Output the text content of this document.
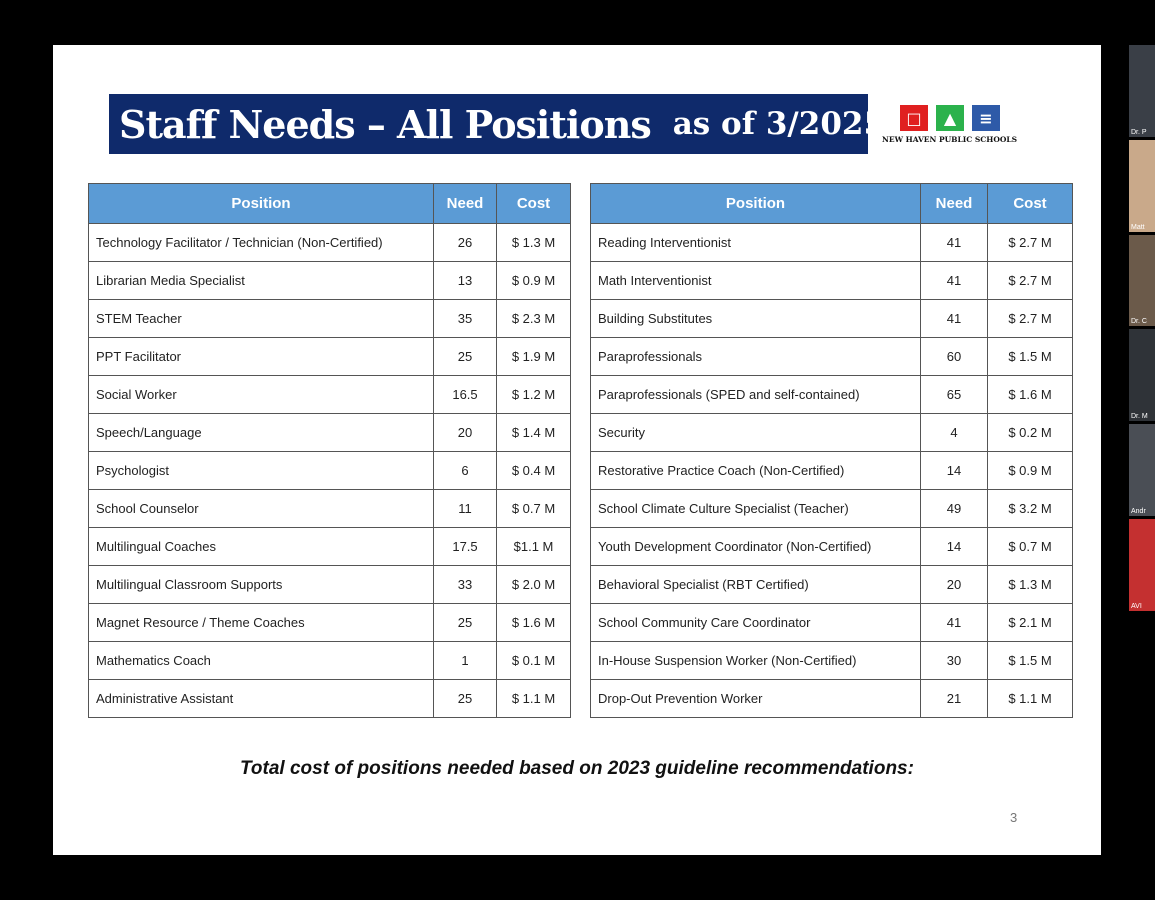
Staff Needs – All Positions as of 3/2025	□	▲	≡
NEW HAVEN PUBLIC SCHOOLS
Position	Need	Cost
Technology Facilitator / Technician (Non-Certified)	26	$ 1.3 M
Librarian Media Specialist	13	$ 0.9 M
STEM Teacher	35	$ 2.3 M
PPT Facilitator	25	$ 1.9 M
Social Worker	16.5	$ 1.2 M
Speech/Language	20	$ 1.4 M
Psychologist	6	$ 0.4 M
School Counselor	11	$ 0.7 M
Multilingual Coaches	17.5	$1.1 M
Multilingual Classroom Supports	33	$ 2.0 M
Magnet Resource / Theme Coaches	25	$ 1.6 M
Mathematics Coach	1	$ 0.1 M
Administrative Assistant	25	$ 1.1 M
Position	Need	Cost
Reading Interventionist	41	$ 2.7 M
Math Interventionist	41	$ 2.7 M
Building Substitutes	41	$ 2.7 M
Paraprofessionals	60	$ 1.5 M
Paraprofessionals (SPED and self-contained)	65	$ 1.6 M
Security	4	$ 0.2 M
Restorative Practice Coach (Non-Certified)	14	$ 0.9 M
School Climate Culture Specialist (Teacher)	49	$ 3.2 M
Youth Development Coordinator (Non-Certified)	14	$ 0.7 M
Behavioral Specialist (RBT Certified)	20	$ 1.3 M
School Community Care Coordinator	41	$ 2.1 M
In-House Suspension Worker (Non-Certified)	30	$ 1.5 M
Drop-Out Prevention Worker	21	$ 1.1 M
Total cost of positions needed based on 2023 guideline recommendations:
3
Dr. P
Matt
Dr. C
Dr. M
Andr
AVI
